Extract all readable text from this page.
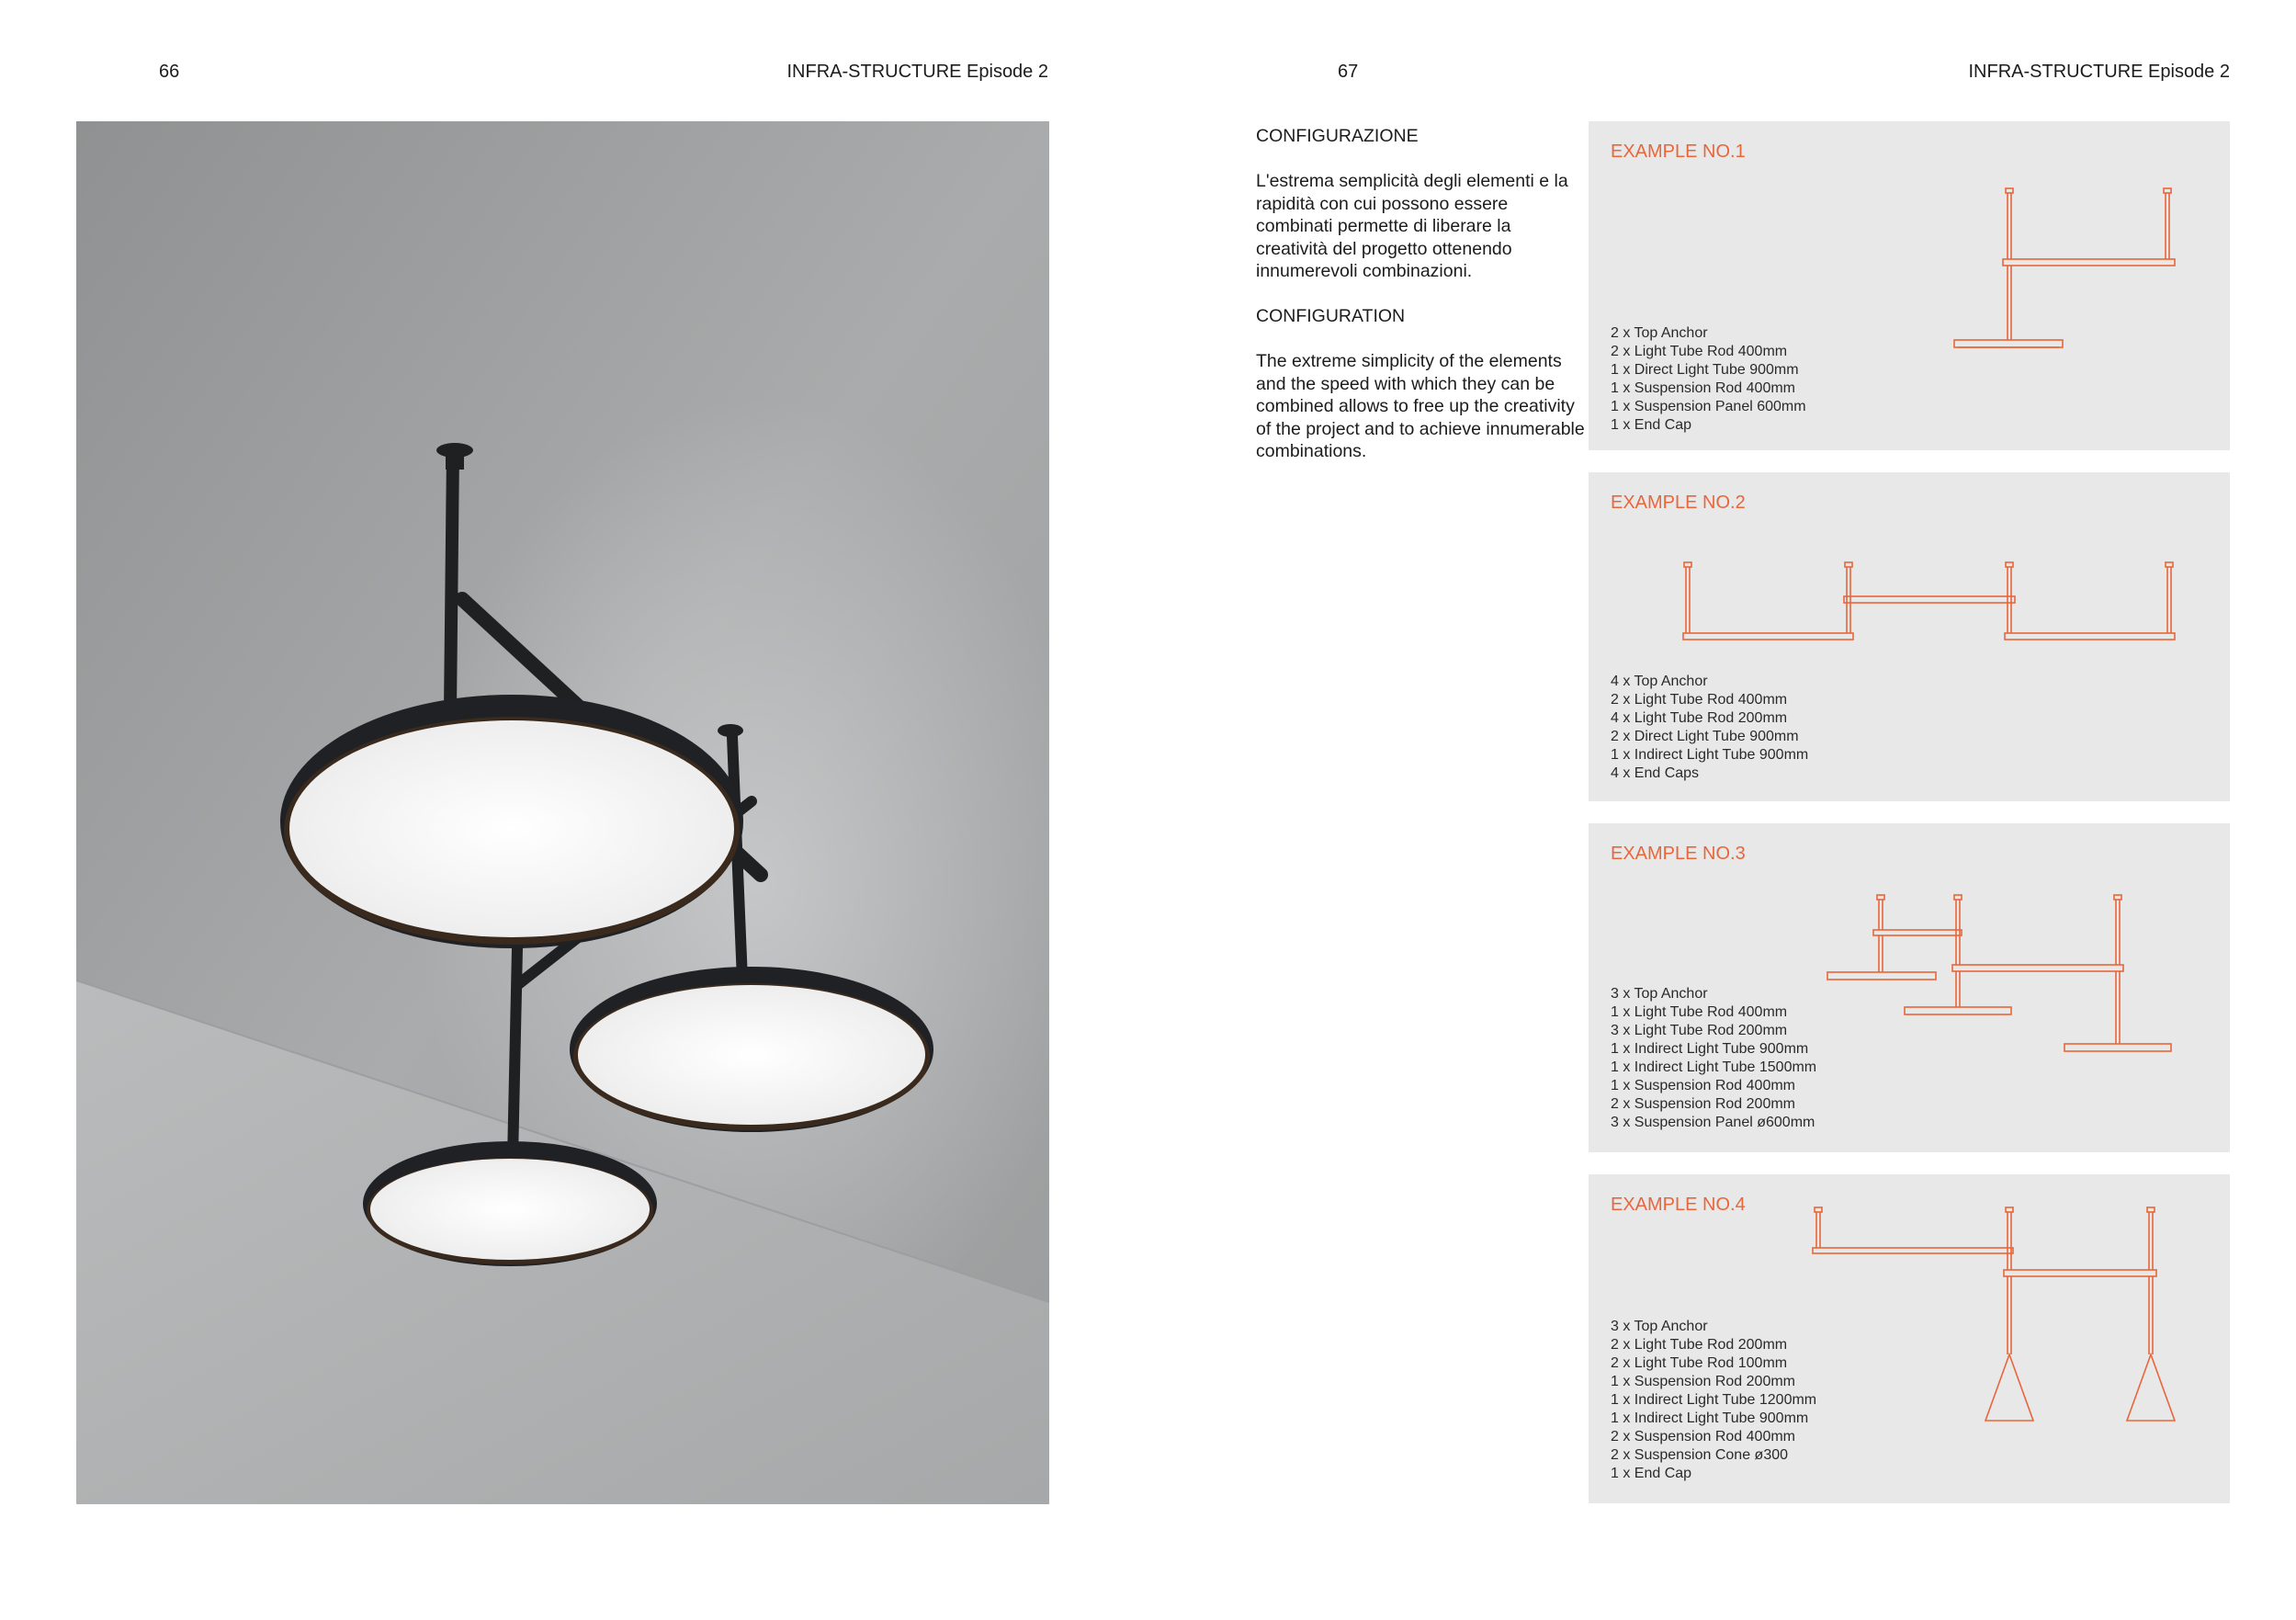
66	INFRA-STRUCTURE Episode 2	67	INFRA-STRUCTURE Episode 2

CONFIGURAZIONE

L'estrema semplicità degli elementi e la rapidità con cui possono essere combinati permette di liberare la creatività del progetto ottenendo innumerevoli combinazioni.

CONFIGURATION

The extreme simplicity of the elements and the speed with which they can be combined allows to free up the creativity of the project and to achieve innumerable combinations.

EXAMPLE NO.1
2 x Top Anchor
2 x Light Tube Rod 400mm
1 x Direct Light Tube 900mm
1 x Suspension Rod 400mm
1 x Suspension Panel 600mm
1 x End Cap
EXAMPLE NO.2
4 x Top Anchor
2 x Light Tube Rod 400mm
4 x Light Tube Rod 200mm
2 x Direct Light Tube 900mm
1 x Indirect Light Tube 900mm
4 x End Caps
EXAMPLE NO.3
3 x Top Anchor
1 x Light Tube Rod 400mm
3 x Light Tube Rod 200mm
1 x Indirect Light Tube 900mm
1 x Indirect Light Tube 1500mm
1 x Suspension Rod 400mm
2 x Suspension Rod 200mm
3 x Suspension Panel ø600mm
EXAMPLE NO.4
3 x Top Anchor
2 x Light Tube Rod 200mm
2 x Light Tube Rod 100mm
1 x Suspension Rod 200mm
1 x Indirect Light Tube 1200mm
1 x Indirect Light Tube 900mm
2 x Suspension Rod 400mm
2 x Suspension Cone ø300
1 x End Cap
